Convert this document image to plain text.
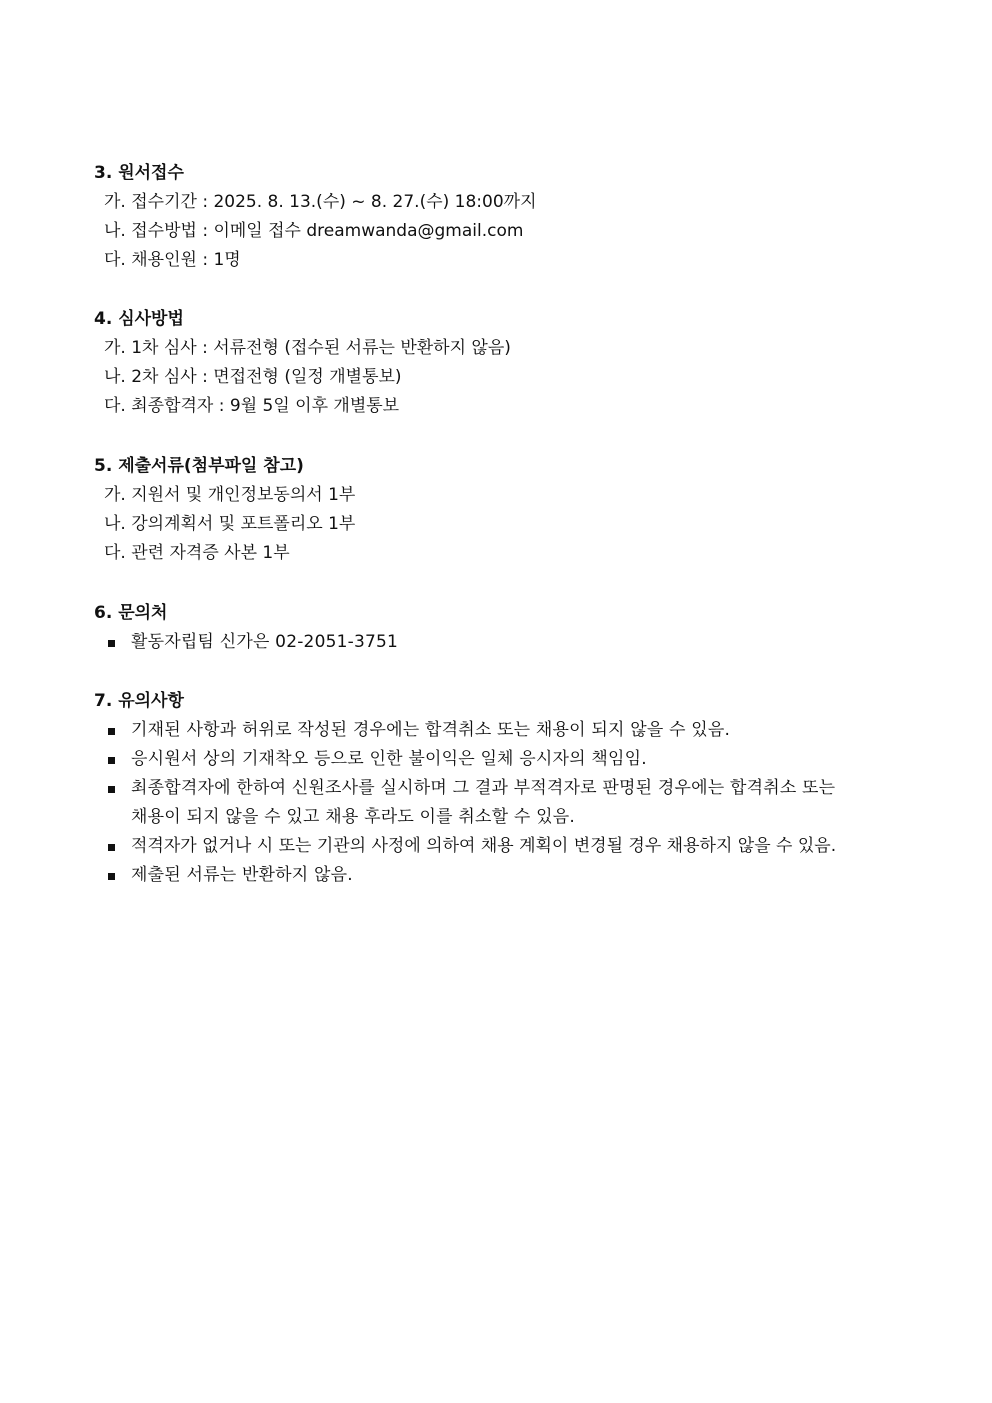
3. 원서접수
가. 접수기간 : 2025. 8. 13.(수) ~ 8. 27.(수) 18:00까지
나. 접수방법 : 이메일 접수 dreamwanda@gmail.com
다. 채용인원 : 1명
4. 심사방법
가. 1차 심사 : 서류전형 (접수된 서류는 반환하지 않음)
나. 2차 심사 : 면접전형 (일정 개별통보)
다. 최종합격자 : 9월 5일 이후 개별통보
5. 제출서류(첨부파일 참고)
가. 지원서 및 개인정보동의서 1부
나. 강의계획서 및 포트폴리오 1부
다. 관련 자격증 사본 1부
6. 문의처
활동자립팀 신가은 02-2051-3751
7. 유의사항
기재된 사항과 허위로 작성된 경우에는 합격취소 또는 채용이 되지 않을 수 있음.
응시원서 상의 기재착오 등으로 인한 불이익은 일체 응시자의 책임임.
최종합격자에 한하여 신원조사를 실시하며 그 결과 부적격자로 판명된 경우에는 합격취소 또는 채용이 되지 않을 수 있고 채용 후라도 이를 취소할 수 있음.
적격자가 없거나 시 또는 기관의 사정에 의하여 채용 계획이 변경될 경우 채용하지 않을 수 있음.
제출된 서류는 반환하지 않음.
